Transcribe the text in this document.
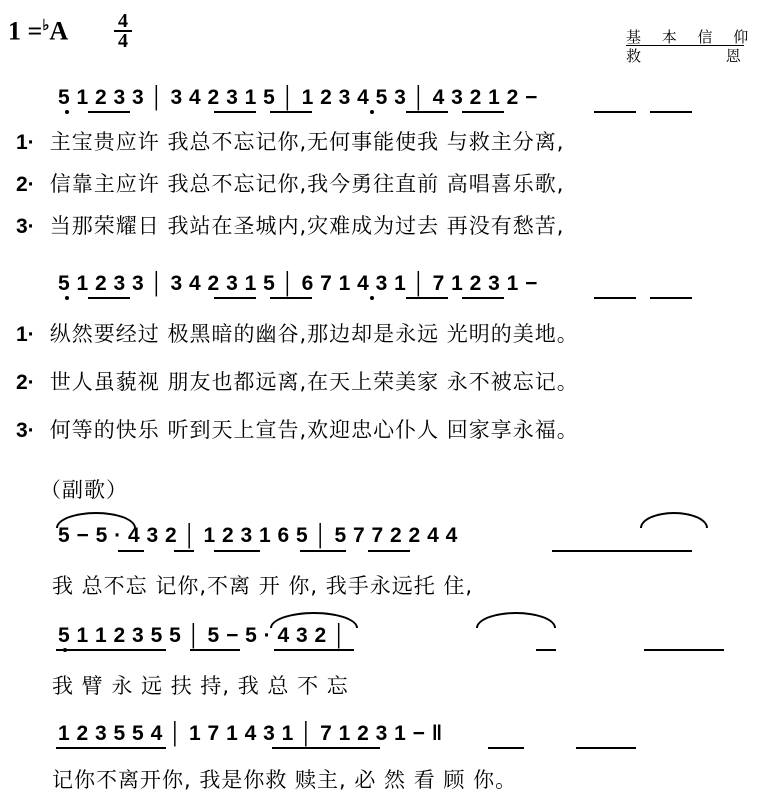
1 =♭A	4
4	基 本 信 仰
救 恩
5 1 2 3 3 │ 3 4 2 3 1 5 │ 1 2 3 4 5 3 │ 4 3 2 1 2 −
1· 主宝贵应许 我总不忘记你,无何事能使我 与救主分离,
2· 信靠主应许 我总不忘记你,我今勇往直前 高唱喜乐歌,
3· 当那荣耀日 我站在圣城内,灾难成为过去 再没有愁苦,
5 1 2 3 3 │ 3 4 2 3 1 5 │ 6 7 1 4 3 1 │ 7 1 2 3 1 −
1· 纵然要经过 极黑暗的幽谷,那边却是永远 光明的美地。
2· 世人虽藐视 朋友也都远离,在天上荣美家 永不被忘记。
3· 何等的快乐 听到天上宣告,欢迎忠心仆人 回家享永福。
（副歌）
5 − 5 · 4 3 2 │ 1 2 3 1 6 5 │ 5 7 7 2 2 4 4
我 总不忘 记你,不离 开 你, 我手永远托 住,
5 1 1 2 3 5 5 │ 5 − 5 · 4 3 2 │
我 臂 永 远 扶 持, 我 总 不 忘
1 2 3 5 5 4 │ 1 7 1 4 3 1 │ 7 1 2 3 1 − ‖
记你不离开你, 我是你救 赎主, 必 然 看 顾 你。
